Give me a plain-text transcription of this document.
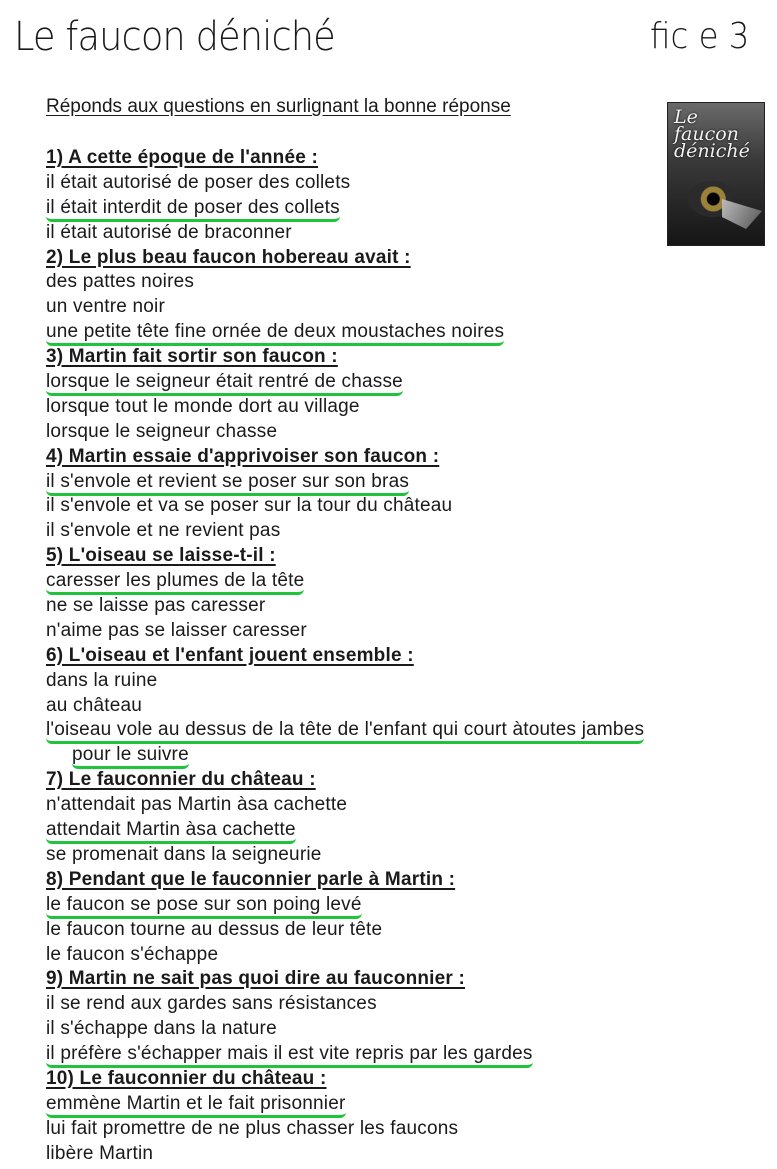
Le faucon déniché	fic e 3
Le faucon déniché
Réponds aux questions en surlignant la bonne réponse
1) A cette époque de l'année :
il était autorisé de poser des collets
il était interdit de poser des collets
il était autorisé de braconner
2) Le plus beau faucon hobereau avait :
des pattes noires
un ventre noir
une petite tête fine ornée de deux moustaches noires
3) Martin fait sortir son faucon :
lorsque le seigneur était rentré de chasse
lorsque tout le monde dort au village
lorsque le seigneur chasse
4) Martin essaie d'apprivoiser son faucon :
il s'envole et revient se poser sur son bras
il s'envole et va se poser sur la tour du château
il s'envole et ne revient pas
5) L'oiseau se laisse-t-il :
caresser les plumes de la tête
ne se laisse pas caresser
n'aime pas se laisser caresser
6) L'oiseau et l'enfant jouent ensemble :
dans la ruine
au château
l'oiseau vole au dessus de la tête de l'enfant qui court àtoutes jambes
pour le suivre
7) Le fauconnier du château :
n'attendait pas Martin àsa cachette
attendait Martin àsa cachette
se promenait dans la seigneurie
8) Pendant que le fauconnier parle à Martin :
le faucon se pose sur son poing levé
le faucon tourne au dessus de leur tête
le faucon s'échappe
9) Martin ne sait pas quoi dire au fauconnier :
il se rend aux gardes sans résistances
il s'échappe dans la nature
il préfère s'échapper mais il est vite repris par les gardes
10) Le fauconnier du château :
emmène Martin et le fait prisonnier
lui fait promettre de ne plus chasser les faucons
libère Martin
